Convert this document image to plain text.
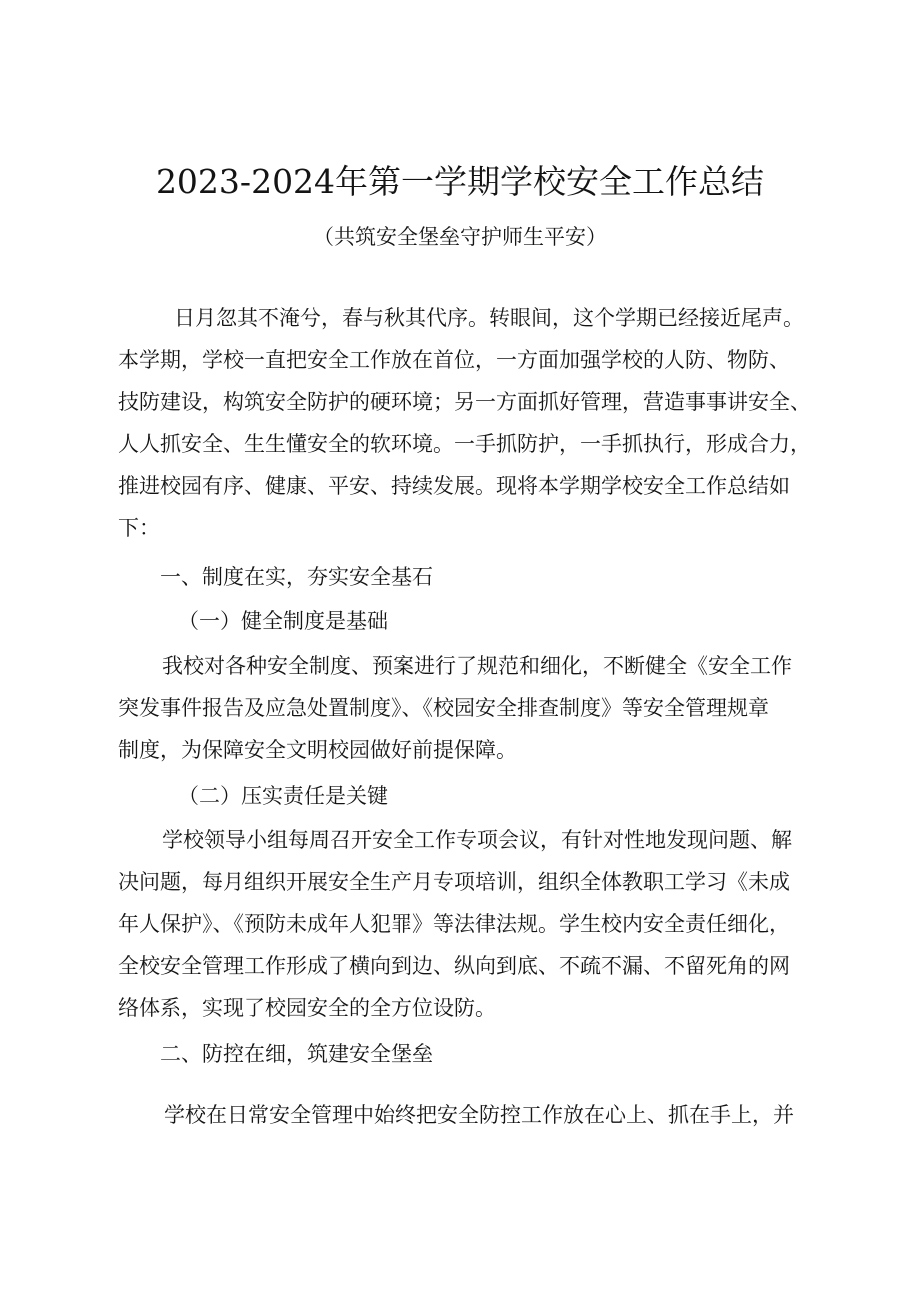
2023-2024年第一学期学校安全工作总结
（共筑安全堡垒守护师生平安）
日月忽其不淹兮，春与秋其代序。转眼间，这个学期已经接近尾声。
本学期，学校一直把安全工作放在首位，一方面加强学校的人防、物防、
技防建设，构筑安全防护的硬环境；另一方面抓好管理，营造事事讲安全、
人人抓安全、生生懂安全的软环境。一手抓防护，一手抓执行，形成合力，
推进校园有序、健康、平安、持续发展。现将本学期学校安全工作总结如
下：
一、制度在实，夯实安全基石
（一）健全制度是基础
我校对各种安全制度、预案进行了规范和细化，不断健全《安全工作
突发事件报告及应急处置制度》、《校园安全排查制度》等安全管理规章
制度，为保障安全文明校园做好前提保障。
（二）压实责任是关键
学校领导小组每周召开安全工作专项会议，有针对性地发现问题、解
决问题，每月组织开展安全生产月专项培训，组织全体教职工学习《未成
年人保护》、《预防未成年人犯罪》等法律法规。学生校内安全责任细化，
全校安全管理工作形成了横向到边、纵向到底、不疏不漏、不留死角的网
络体系，实现了校园安全的全方位设防。
二、防控在细，筑建安全堡垒
学校在日常安全管理中始终把安全防控工作放在心上、抓在手上，并
